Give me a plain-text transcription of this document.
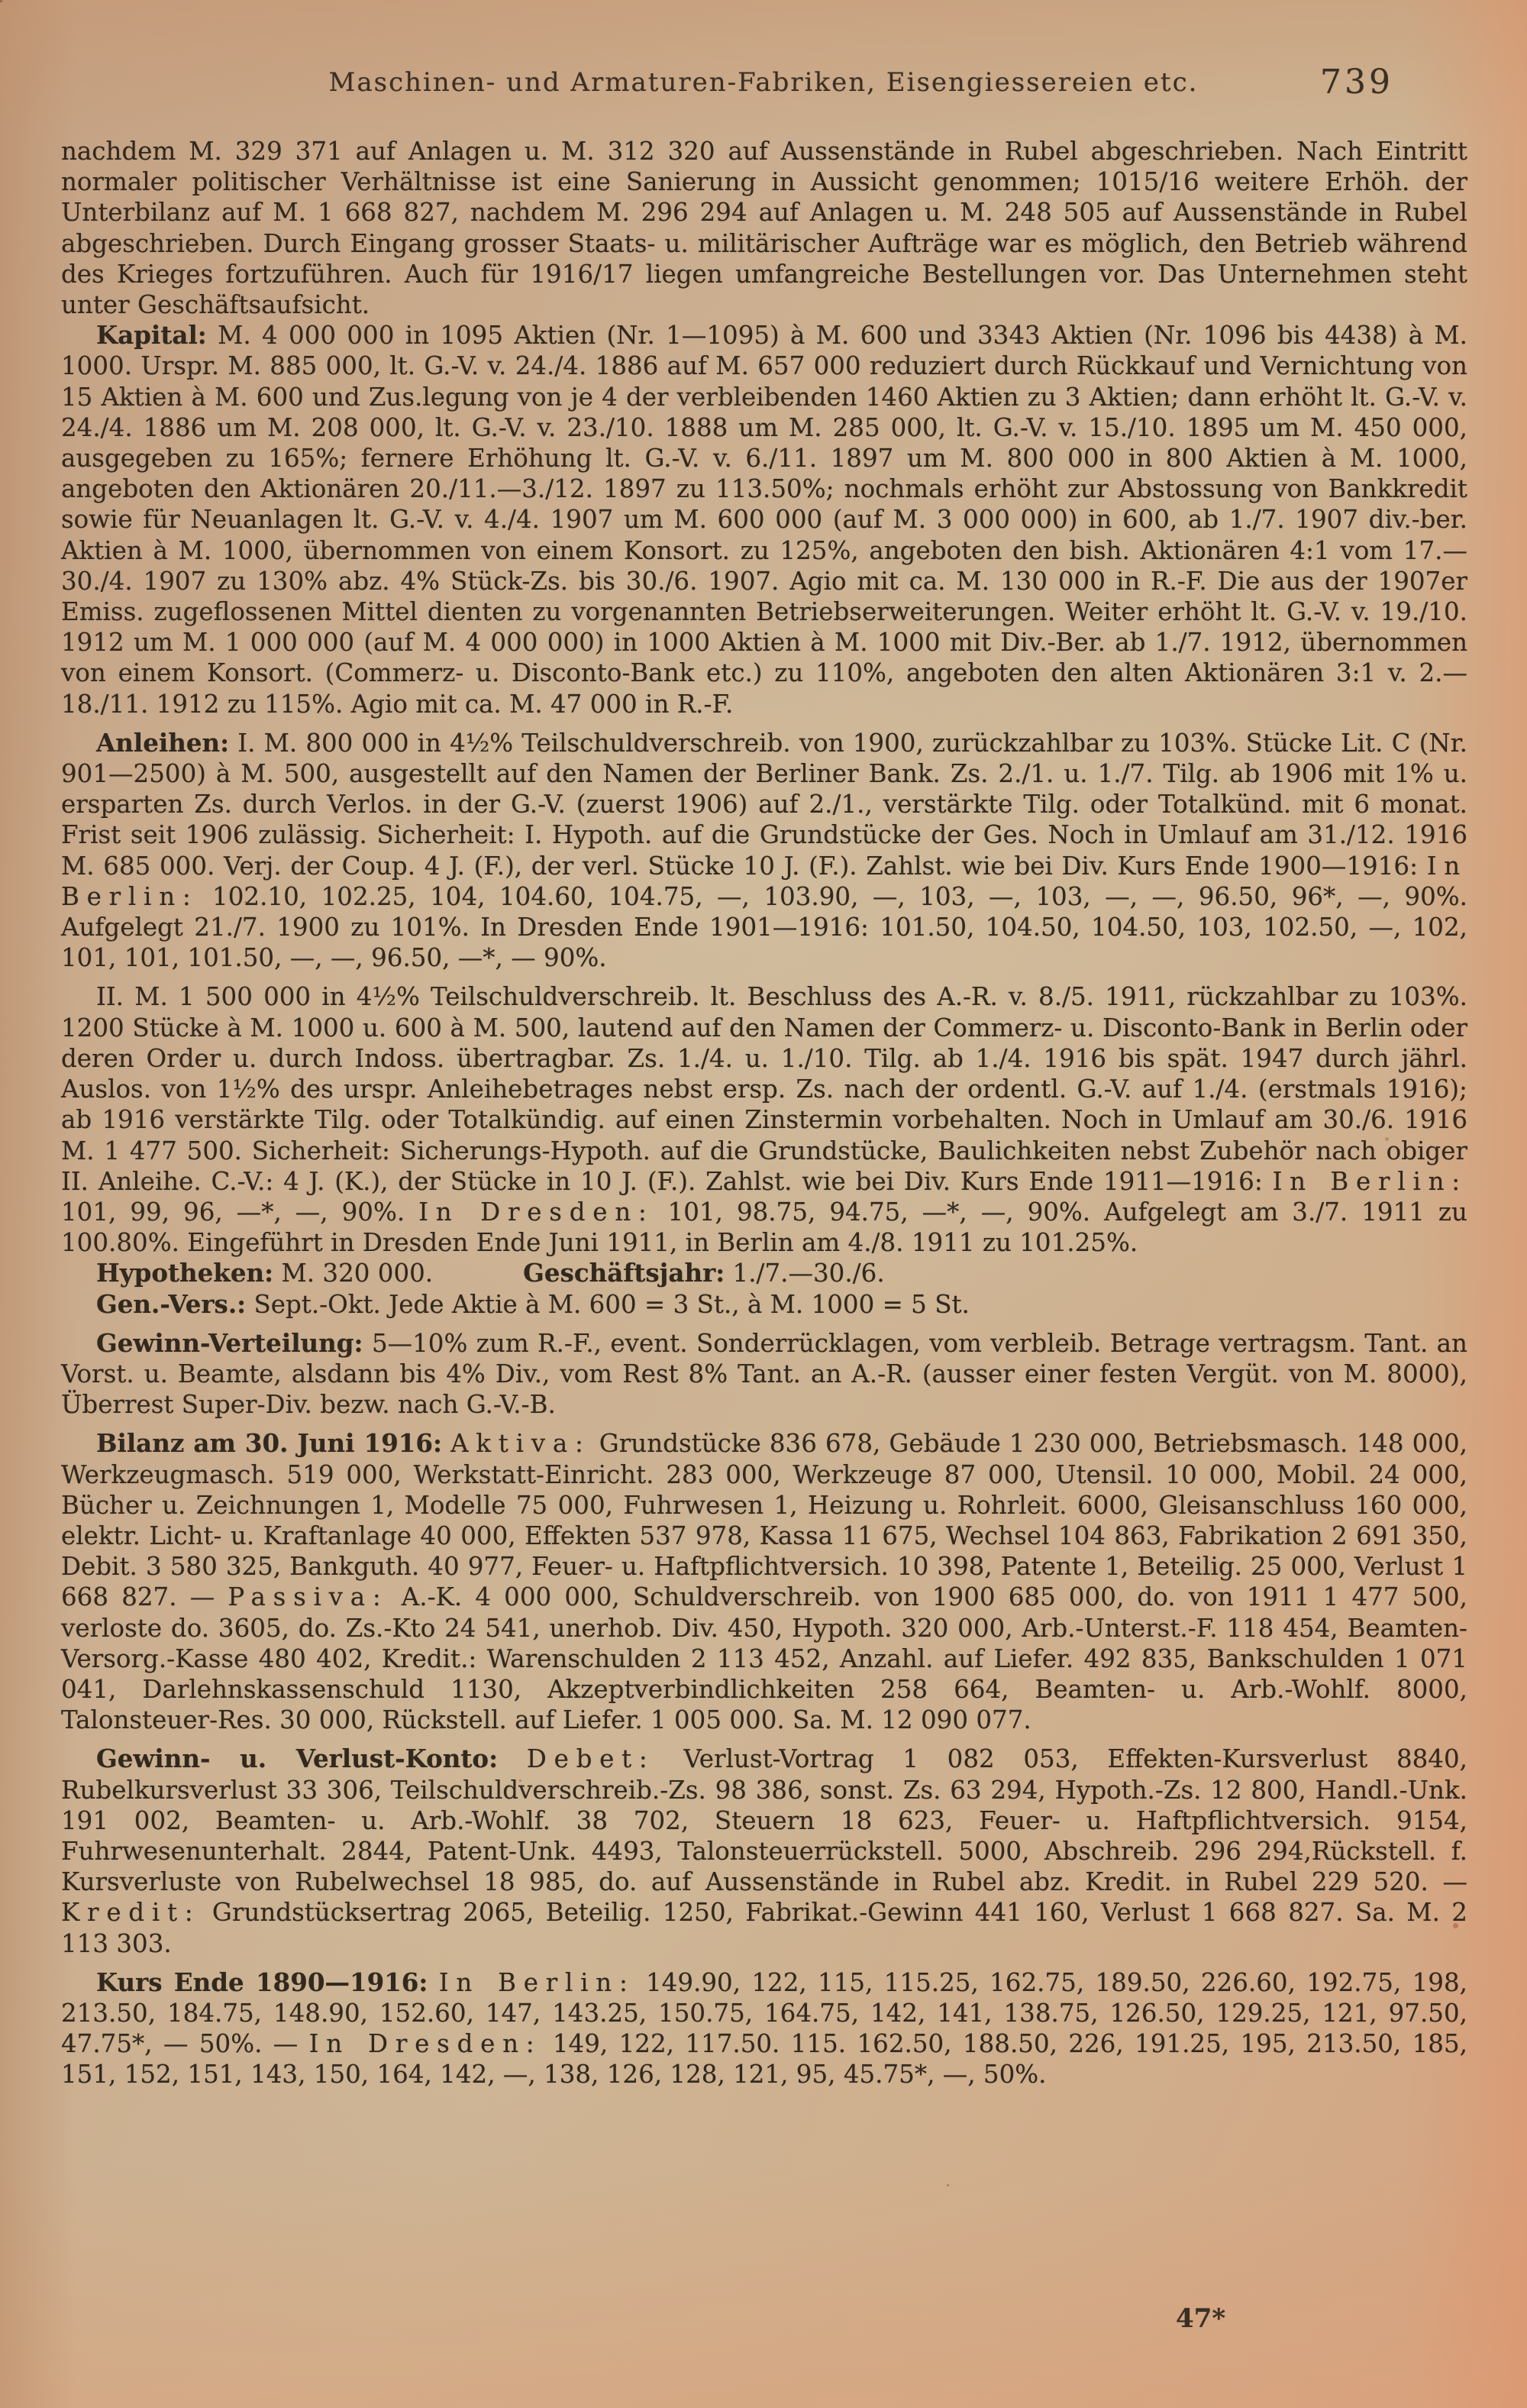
Maschinen- und Armaturen-Fabriken, Eisengiessereien etc.	739

nachdem M. 329 371 auf Anlagen u. M. 312 320 auf Aussenstände in Rubel abgeschrieben. Nach Eintritt normaler politischer Verhältnisse ist eine Sanierung in Aussicht genommen; 1015/16 weitere Erhöh. der Unterbilanz auf M. 1 668 827, nachdem M. 296 294 auf Anlagen u. M. 248 505 auf Aussenstände in Rubel abgeschrieben. Durch Eingang grosser Staats- u. militärischer Aufträge war es möglich, den Betrieb während des Krieges fortzuführen. Auch für 1916/17 liegen umfangreiche Bestellungen vor. Das Unternehmen steht unter Geschäftsaufsicht.

Kapital: M. 4 000 000 in 1095 Aktien (Nr. 1—1095) à M. 600 und 3343 Aktien (Nr. 1096 bis 4438) à M. 1000. Urspr. M. 885 000, lt. G.-V. v. 24./4. 1886 auf M. 657 000 reduziert durch Rückkauf und Vernichtung von 15 Aktien à M. 600 und Zus.legung von je 4 der verbleibenden 1460 Aktien zu 3 Aktien; dann erhöht lt. G.-V. v. 24./4. 1886 um M. 208 000, lt. G.-V. v. 23./10. 1888 um M. 285 000, lt. G.-V. v. 15./10. 1895 um M. 450 000, ausgegeben zu 165%; fernere Erhöhung lt. G.-V. v. 6./11. 1897 um M. 800 000 in 800 Aktien à M. 1000, angeboten den Aktionären 20./11.—3./12. 1897 zu 113.50%; nochmals erhöht zur Abstossung von Bankkredit sowie für Neuanlagen lt. G.-V. v. 4./4. 1907 um M. 600 000 (auf M. 3 000 000) in 600, ab 1./7. 1907 div.-ber. Aktien à M. 1000, übernommen von einem Konsort. zu 125%, angeboten den bish. Aktionären 4:1 vom 17.—30./4. 1907 zu 130% abz. 4% Stück-Zs. bis 30./6. 1907. Agio mit ca. M. 130 000 in R.-F. Die aus der 1907er Emiss. zugeflossenen Mittel dienten zu vorgenannten Betriebserweiterungen. Weiter erhöht lt. G.-V. v. 19./10. 1912 um M. 1 000 000 (auf M. 4 000 000) in 1000 Aktien à M. 1000 mit Div.-Ber. ab 1./7. 1912, übernommen von einem Konsort. (Commerz- u. Disconto-Bank etc.) zu 110%, angeboten den alten Aktionären 3:1 v. 2.—18./11. 1912 zu 115%. Agio mit ca. M. 47 000 in R.-F.

Anleihen: I. M. 800 000 in 4½% Teilschuldverschreib. von 1900, zurückzahlbar zu 103%. Stücke Lit. C (Nr. 901—2500) à M. 500, ausgestellt auf den Namen der Berliner Bank. Zs. 2./1. u. 1./7. Tilg. ab 1906 mit 1% u. ersparten Zs. durch Verlos. in der G.-V. (zuerst 1906) auf 2./1., verstärkte Tilg. oder Totalkünd. mit 6 monat. Frist seit 1906 zulässig. Sicherheit: I. Hypoth. auf die Grundstücke der Ges. Noch in Umlauf am 31./12. 1916 M. 685 000. Verj. der Coup. 4 J. (F.), der verl. Stücke 10 J. (F.). Zahlst. wie bei Div. Kurs Ende 1900—1916: In Berlin: 102.10, 102.25, 104, 104.60, 104.75, —, 103.90, —, 103, —, 103, —, —, 96.50, 96*, —, 90%. Aufgelegt 21./7. 1900 zu 101%. In Dresden Ende 1901—1916: 101.50, 104.50, 104.50, 103, 102.50, —, 102, 101, 101, 101.50, —, —, 96.50, —*, — 90%.

II. M. 1 500 000 in 4½% Teilschuldverschreib. lt. Beschluss des A.-R. v. 8./5. 1911, rückzahlbar zu 103%. 1200 Stücke à M. 1000 u. 600 à M. 500, lautend auf den Namen der Commerz- u. Disconto-Bank in Berlin oder deren Order u. durch Indoss. übertragbar. Zs. 1./4. u. 1./10. Tilg. ab 1./4. 1916 bis spät. 1947 durch jährl. Auslos. von 1½% des urspr. Anleihebetrages nebst ersp. Zs. nach der ordentl. G.-V. auf 1./4. (erstmals 1916); ab 1916 verstärkte Tilg. oder Totalkündig. auf einen Zinstermin vorbehalten. Noch in Umlauf am 30./6. 1916 M. 1 477 500. Sicherheit: Sicherungs-Hypoth. auf die Grundstücke, Baulichkeiten nebst Zubehör nach obiger II. Anleihe. C.-V.: 4 J. (K.), der Stücke in 10 J. (F.). Zahlst. wie bei Div. Kurs Ende 1911—1916: In Berlin: 101, 99, 96, —*, —, 90%. In Dresden: 101, 98.75, 94.75, —*, —, 90%. Aufgelegt am 3./7. 1911 zu 100.80%. Eingeführt in Dresden Ende Juni 1911, in Berlin am 4./8. 1911 zu 101.25%.

Hypotheken: M. 320 000.	Geschäftsjahr: 1./7.—30./6.

Gen.-Vers.: Sept.-Okt. Jede Aktie à M. 600 = 3 St., à M. 1000 = 5 St.

Gewinn-Verteilung: 5—10% zum R.-F., event. Sonderrücklagen, vom verbleib. Betrage vertragsm. Tant. an Vorst. u. Beamte, alsdann bis 4% Div., vom Rest 8% Tant. an A.-R. (ausser einer festen Vergüt. von M. 8000), Überrest Super-Div. bezw. nach G.-V.-B.

Bilanz am 30. Juni 1916: Aktiva: Grundstücke 836 678, Gebäude 1 230 000, Betriebsmasch. 148 000, Werkzeugmasch. 519 000, Werkstatt-Einricht. 283 000, Werkzeuge 87 000, Utensil. 10 000, Mobil. 24 000, Bücher u. Zeichnungen 1, Modelle 75 000, Fuhrwesen 1, Heizung u. Rohrleit. 6000, Gleisanschluss 160 000, elektr. Licht- u. Kraftanlage 40 000, Effekten 537 978, Kassa 11 675, Wechsel 104 863, Fabrikation 2 691 350, Debit. 3 580 325, Bankguth. 40 977, Feuer- u. Haftpflichtversich. 10 398, Patente 1, Beteilig. 25 000, Verlust 1 668 827. — Passiva: A.-K. 4 000 000, Schuldverschreib. von 1900 685 000, do. von 1911 1 477 500, verloste do. 3605, do. Zs.-Kto 24 541, unerhob. Div. 450, Hypoth. 320 000, Arb.-Unterst.-F. 118 454, Beamten-Versorg.-Kasse 480 402, Kredit.: Warenschulden 2 113 452, Anzahl. auf Liefer. 492 835, Bankschulden 1 071 041, Darlehnskassenschuld 1130, Akzeptverbindlichkeiten 258 664, Beamten- u. Arb.-Wohlf. 8000, Talonsteuer-Res. 30 000, Rückstell. auf Liefer. 1 005 000. Sa. M. 12 090 077.

Gewinn- u. Verlust-Konto: Debet: Verlust-Vortrag 1 082 053, Effekten-Kursverlust 8840, Rubelkursverlust 33 306, Teilschuldverschreib.-Zs. 98 386, sonst. Zs. 63 294, Hypoth.-Zs. 12 800, Handl.-Unk. 191 002, Beamten- u. Arb.-Wohlf. 38 702, Steuern 18 623, Feuer- u. Haftpflichtversich. 9154, Fuhrwesenunterhalt. 2844, Patent-Unk. 4493, Talonsteuerrückstell. 5000, Abschreib. 296 294,Rückstell. f. Kursverluste von Rubelwechsel 18 985, do. auf Aussenstände in Rubel abz. Kredit. in Rubel 229 520. — Kredit: Grundstücksertrag 2065, Beteilig. 1250, Fabrikat.-Gewinn 441 160, Verlust 1 668 827. Sa. M. 2 113 303.

Kurs Ende 1890—1916: In Berlin: 149.90, 122, 115, 115.25, 162.75, 189.50, 226.60, 192.75, 198, 213.50, 184.75, 148.90, 152.60, 147, 143.25, 150.75, 164.75, 142, 141, 138.75, 126.50, 129.25, 121, 97.50, 47.75*, — 50%. — In Dresden: 149, 122, 117.50. 115. 162.50, 188.50, 226, 191.25, 195, 213.50, 185, 151, 152, 151, 143, 150, 164, 142, —, 138, 126, 128, 121, 95, 45.75*, —, 50%.

47*
